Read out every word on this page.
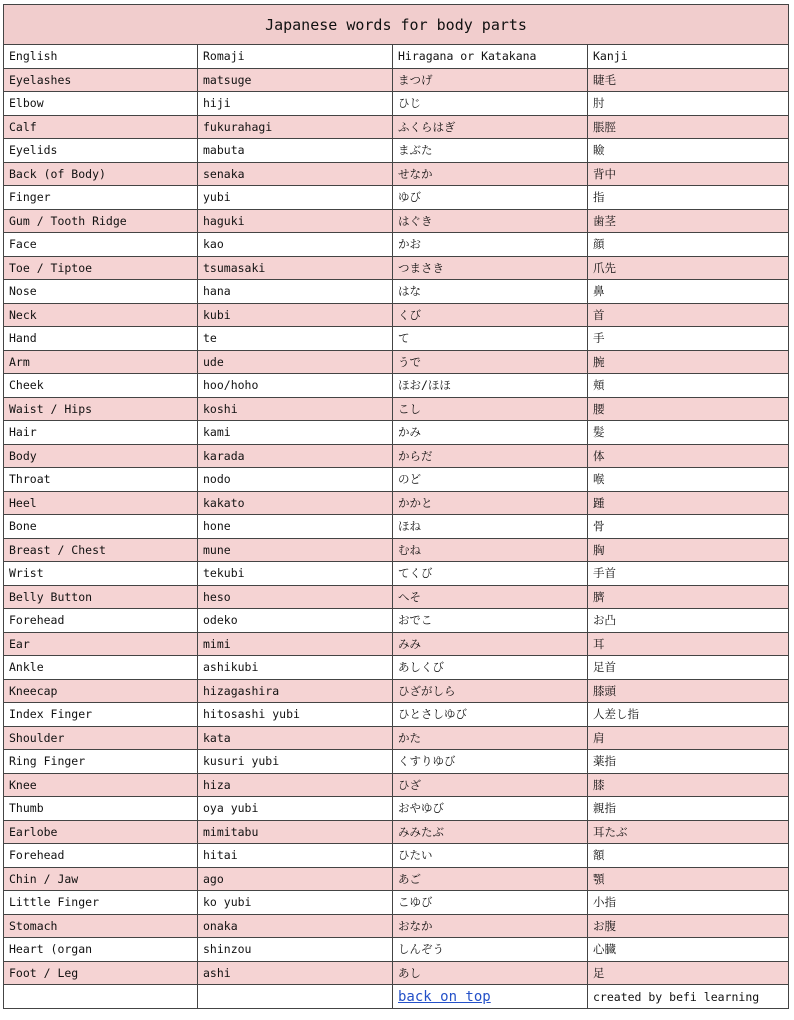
Japanese words for body parts			
English	Romaji	Hiragana or Katakana	Kanji
Eyelashes	matsuge	まつげ	睫毛
Elbow	hiji	ひじ	肘
Calf	fukurahagi	ふくらはぎ	脹脛
Eyelids	mabuta	まぶた	瞼
Back (of Body)	senaka	せなか	背中
Finger	yubi	ゆび	指
Gum / Tooth Ridge	haguki	はぐき	歯茎
Face	kao	かお	顔
Toe / Tiptoe	tsumasaki	つまさき	爪先
Nose	hana	はな	鼻
Neck	kubi	くび	首
Hand	te	て	手
Arm	ude	うで	腕
Cheek	hoo/hoho	ほお/ほほ	頬
Waist / Hips	koshi	こし	腰
Hair	kami	かみ	髪
Body	karada	からだ	体
Throat	nodo	のど	喉
Heel	kakato	かかと	踵
Bone	hone	ほね	骨
Breast / Chest	mune	むね	胸
Wrist	tekubi	てくび	手首
Belly Button	heso	へそ	臍
Forehead	odeko	おでこ	お凸
Ear	mimi	みみ	耳
Ankle	ashikubi	あしくび	足首
Kneecap	hizagashira	ひざがしら	膝頭
Index Finger	hitosashi yubi	ひとさしゆび	人差し指
Shoulder	kata	かた	肩
Ring Finger	kusuri yubi	くすりゆび	薬指
Knee	hiza	ひざ	膝
Thumb	oya yubi	おやゆび	親指
Earlobe	mimitabu	みみたぶ	耳たぶ
Forehead	hitai	ひたい	額
Chin / Jaw	ago	あご	顎
Little Finger	ko yubi	こゆび	小指
Stomach	onaka	おなか	お腹
Heart (organ	shinzou	しんぞう	心臓
Foot / Leg	ashi	あし	足
		back on top	created by befi learning
